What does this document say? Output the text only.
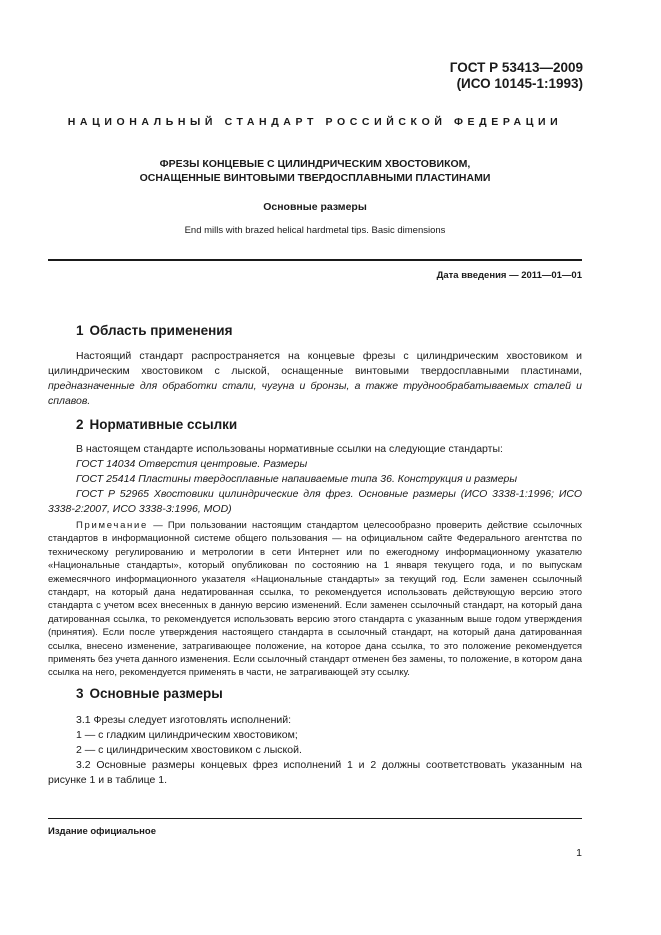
ГОСТ Р 53413—2009
(ИСО 10145-1:1993)
НАЦИОНАЛЬНЫЙ СТАНДАРТ РОССИЙСКОЙ ФЕДЕРАЦИИ
ФРЕЗЫ КОНЦЕВЫЕ С ЦИЛИНДРИЧЕСКИМ ХВОСТОВИКОМ,
ОСНАЩЕННЫЕ ВИНТОВЫМИ ТВЕРДОСПЛАВНЫМИ ПЛАСТИНАМИ
Основные размеры
End mills with brazed helical hardmetal tips. Basic dimensions
Дата введения — 2011—01—01
1 Область применения
Настоящий стандарт распространяется на концевые фрезы с цилиндрическим хвостовиком и цилиндрическим хвостовиком с лыской, оснащенные винтовыми твердосплавными пластинами, предназначенные для обработки стали, чугуна и бронзы, а также труднообрабатываемых сталей и сплавов.
2 Нормативные ссылки
В настоящем стандарте использованы нормативные ссылки на следующие стандарты:
ГОСТ 14034 Отверстия центровые. Размеры
ГОСТ 25414 Пластины твердосплавные напаиваемые типа 36. Конструкция и размеры
ГОСТ Р 52965 Хвостовики цилиндрические для фрез. Основные размеры (ИСО 3338-1:1996; ИСО 3338-2:2007, ИСО 3338-3:1996, MOD)
Примечание — При пользовании настоящим стандартом целесообразно проверить действие ссылочных стандартов в информационной системе общего пользования — на официальном сайте Федерального агентства по техническому регулированию и метрологии в сети Интернет или по ежегодному информационному указателю «Национальные стандарты», который опубликован по состоянию на 1 января текущего года, и по выпускам ежемесячного информационного указателя «Национальные стандарты» за текущий год. Если заменен ссылочный стандарт, на который дана недатированная ссылка, то рекомендуется использовать действующую версию этого стандарта с учетом всех внесенных в данную версию изменений. Если заменен ссылочный стандарт, на который дана датированная ссылка, то рекомендуется использовать версию этого стандарта с указанным выше годом утверждения (принятия). Если после утверждения настоящего стандарта в ссылочный стандарт, на который дана датированная ссылка, внесено изменение, затрагивающее положение, на которое дана ссылка, то это положение рекомендуется применять без учета данного изменения. Если ссылочный стандарт отменен без замены, то положение, в котором дана ссылка на него, рекомендуется применять в части, не затрагивающей эту ссылку.
3 Основные размеры
3.1 Фрезы следует изготовлять исполнений:
1 — с гладким цилиндрическим хвостовиком;
2 — с цилиндрическим хвостовиком с лыской.
3.2 Основные размеры концевых фрез исполнений 1 и 2 должны соответствовать указанным на рисунке 1 и в таблице 1.
Издание официальное
1
